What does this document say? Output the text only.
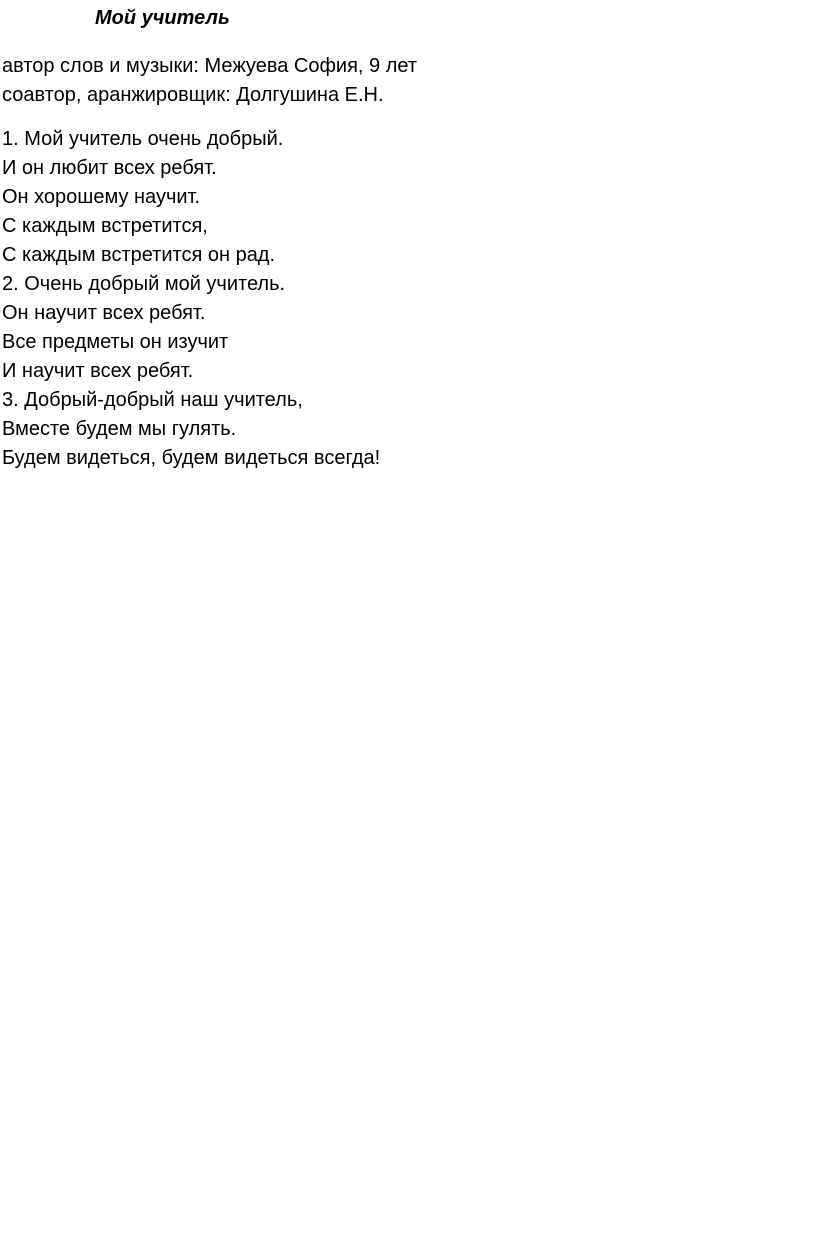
Мой учитель
автор слов и музыки: Межуева София, 9 лет
соавтор, аранжировщик: Долгушина Е.Н.
1. Мой учитель очень добрый.
И он любит всех ребят.
Он хорошему научит.
С каждым встретится,
С каждым встретится он рад.
2. Очень добрый мой учитель.
Он научит всех ребят.
Все предметы он изучит
И научит всех ребят.
3. Добрый-добрый наш учитель,
Вместе будем мы гулять.
Будем видеться, будем видеться всегда!
